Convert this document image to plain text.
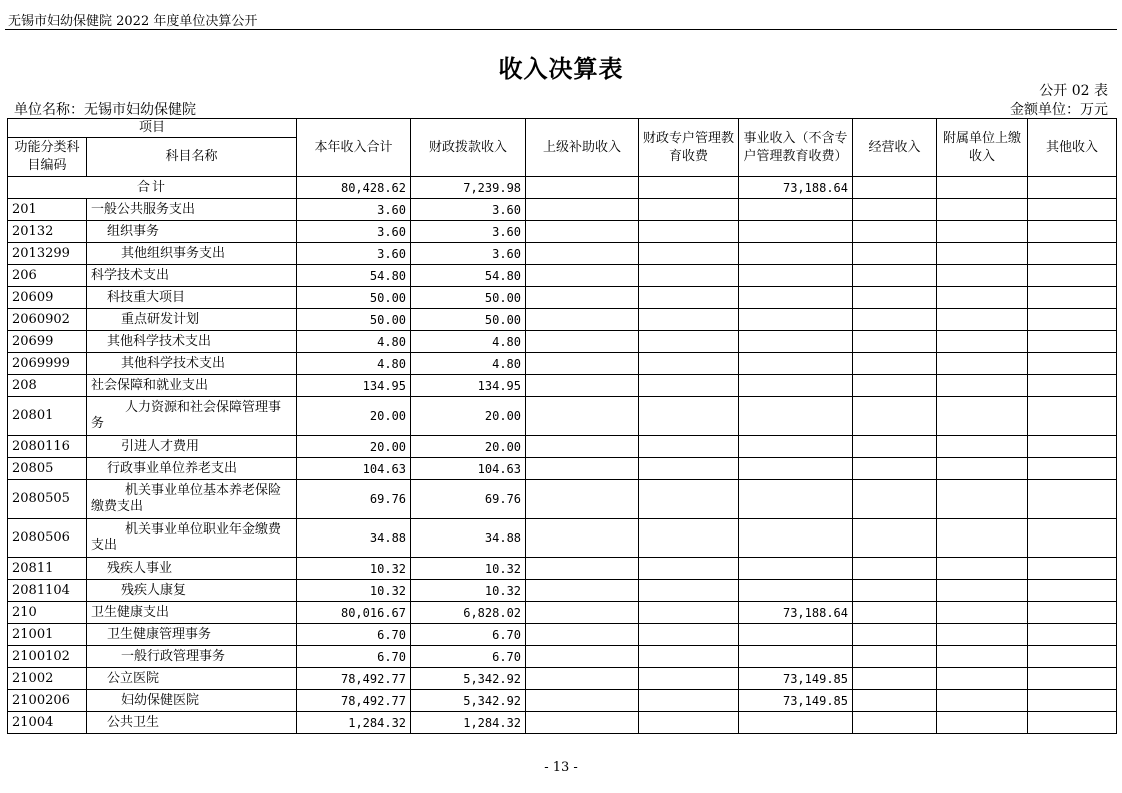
无锡市妇幼保健院 2022 年度单位决算公开
收入决算表
公开 02 表
单位名称：无锡市妇幼保健院	金额单位：万元
项目		本年收入合计	财政拨款收入	上级补助收入	财政专户管理教育收费	事业收入（不含专户管理教育收费）	经营收入	附属单位上缴收入	其他收入
功能分类科目编码	科目名称								
合计		80,428.62	7,239.98			73,188.64			
201	一般公共服务支出	3.60	3.60						
20132	组织事务	3.60	3.60						
2013299	其他组织事务支出	3.60	3.60						
206	科学技术支出	54.80	54.80						
20609	科技重大项目	50.00	50.00						
2060902	重点研发计划	50.00	50.00						
20699	其他科学技术支出	4.80	4.80						
2069999	其他科学技术支出	4.80	4.80						
208	社会保障和就业支出	134.95	134.95						
20801	人力资源和社会保障管理事务	20.00	20.00						
2080116	引进人才费用	20.00	20.00						
20805	行政事业单位养老支出	104.63	104.63						
2080505	机关事业单位基本养老保险缴费支出	69.76	69.76						
2080506	机关事业单位职业年金缴费支出	34.88	34.88						
20811	残疾人事业	10.32	10.32						
2081104	残疾人康复	10.32	10.32						
210	卫生健康支出	80,016.67	6,828.02			73,188.64			
21001	卫生健康管理事务	6.70	6.70						
2100102	一般行政管理事务	6.70	6.70						
21002	公立医院	78,492.77	5,342.92			73,149.85			
2100206	妇幼保健医院	78,492.77	5,342.92			73,149.85			
21004	公共卫生	1,284.32	1,284.32						
- 13 -
